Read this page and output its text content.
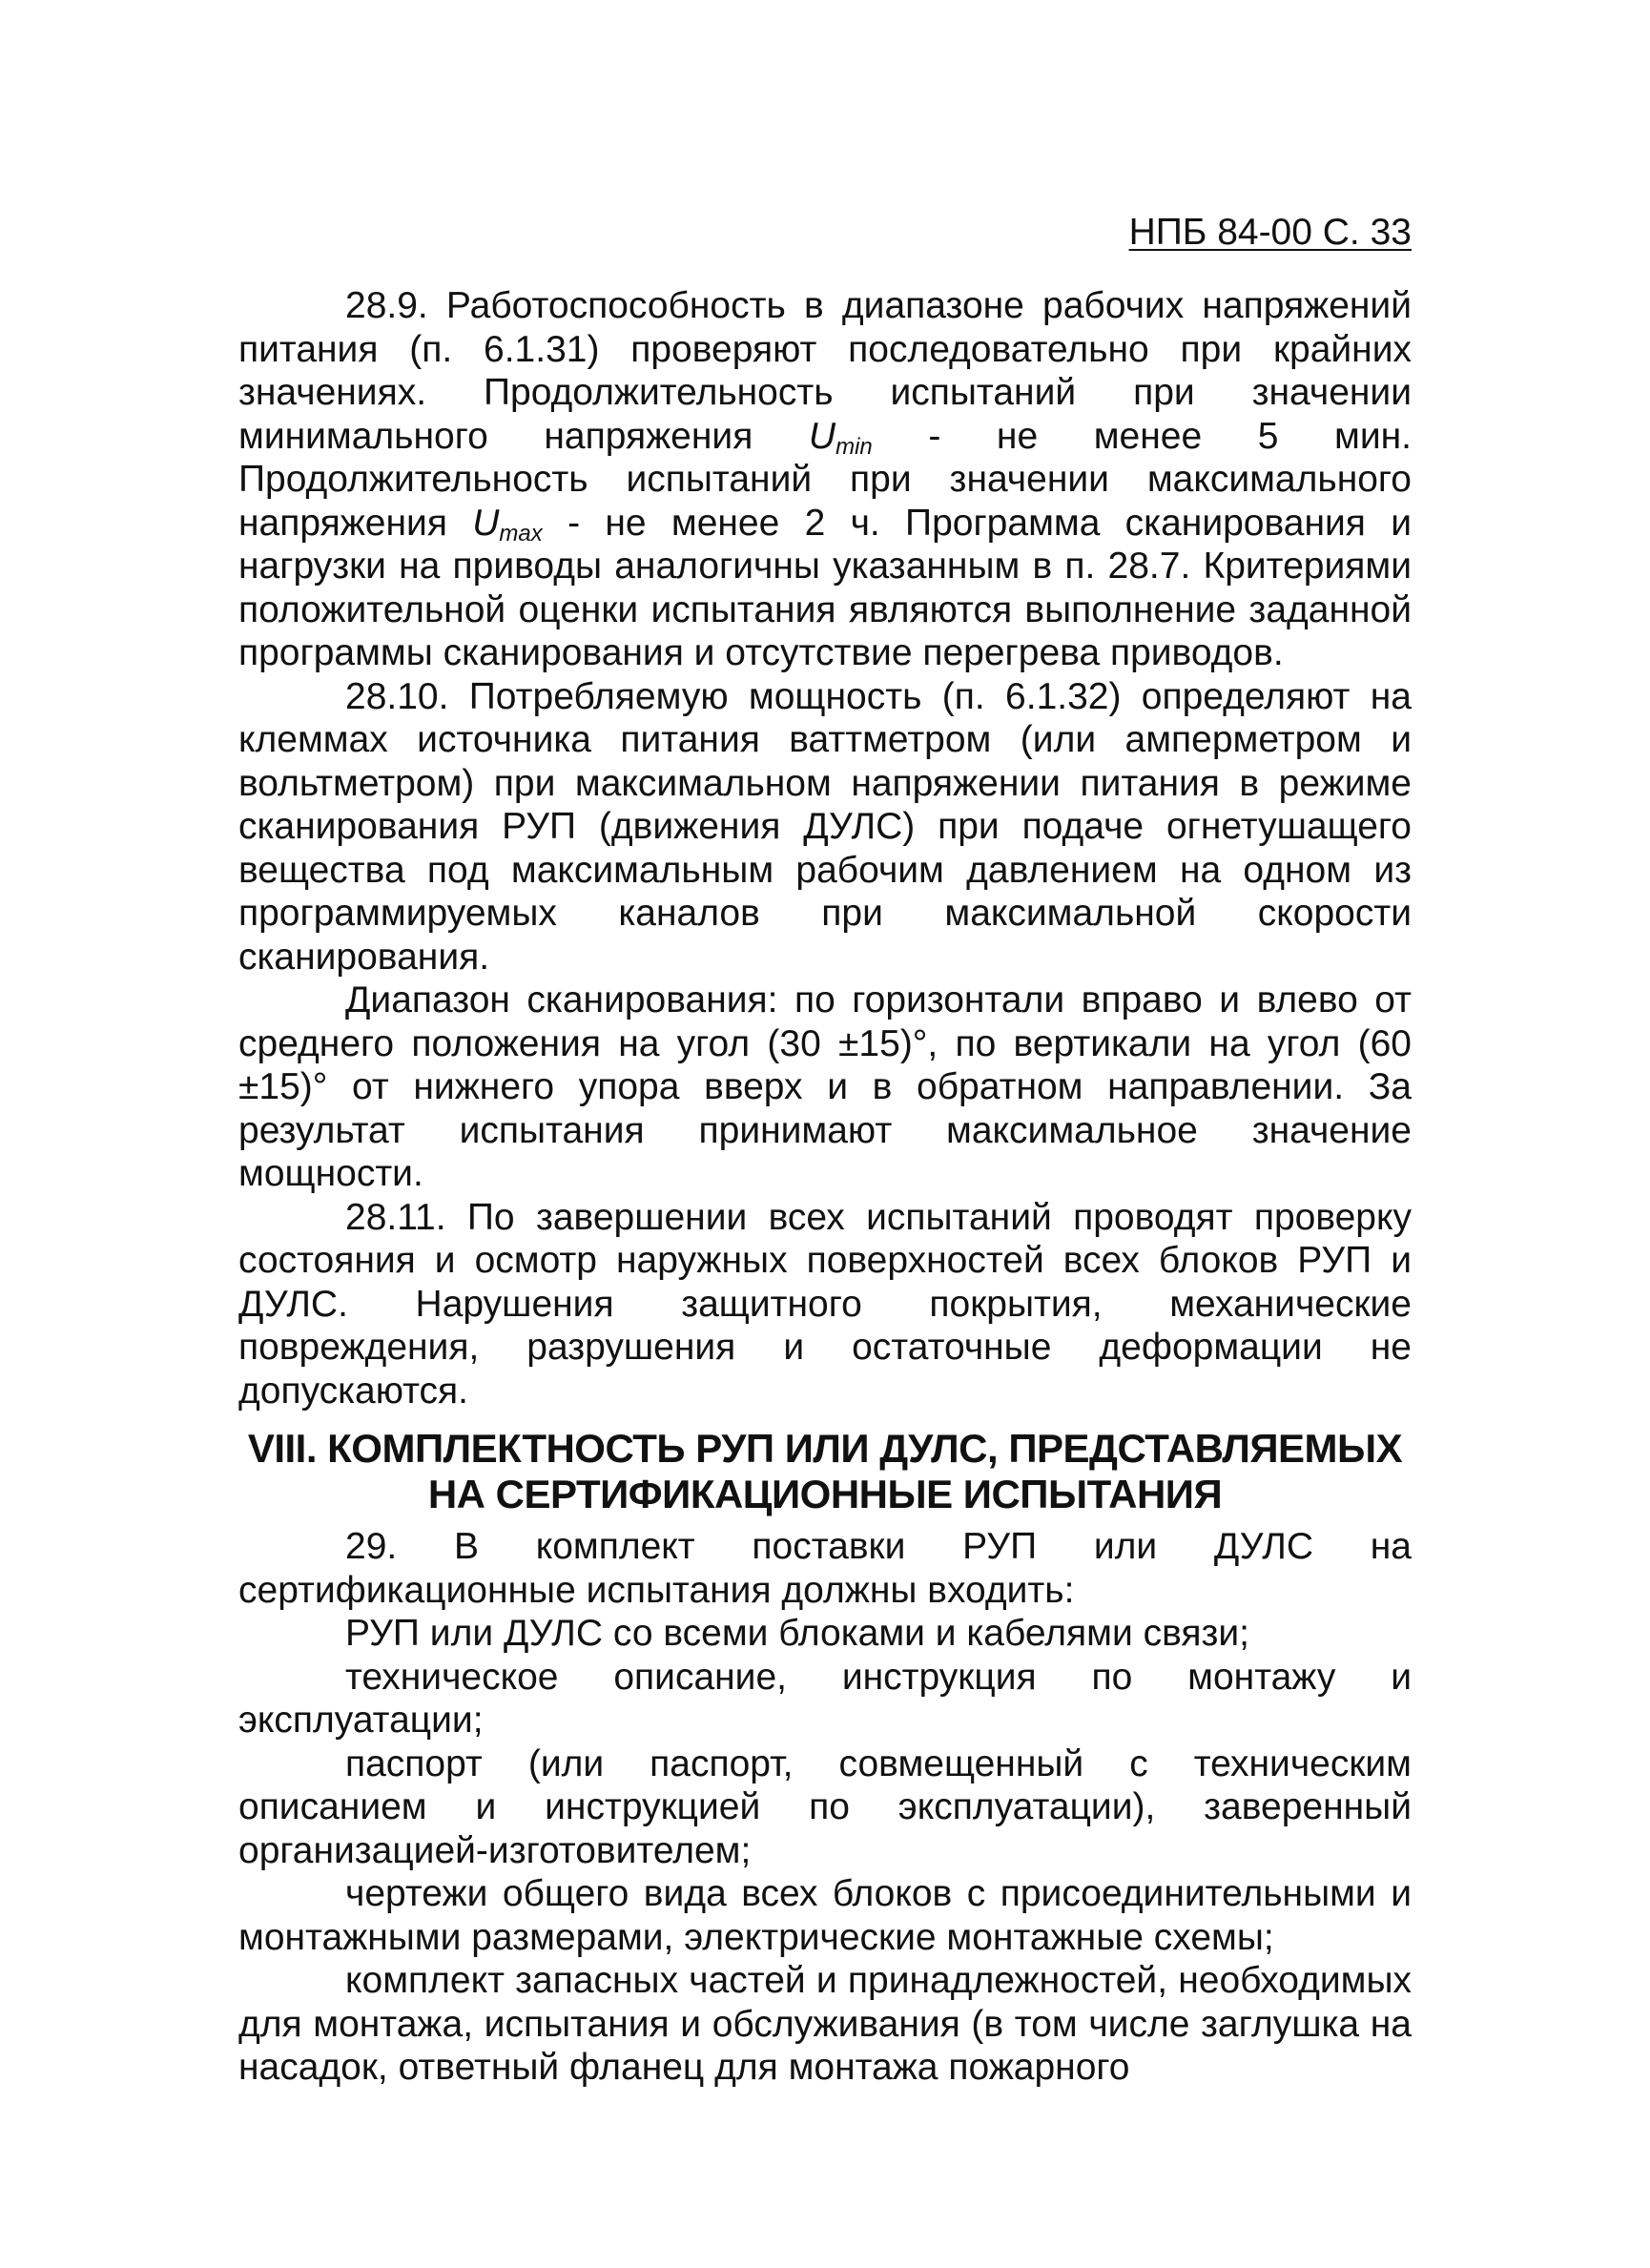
НПБ 84-00 С. 33

28.9. Работоспособность в диапазоне рабочих напряжений питания (п. 6.1.31) проверяют последовательно при крайних значениях. Продолжительность испытаний при значении минимального напряжения $U_{min}$ - не менее 5 мин. Продолжительность испытаний при значении максимального напряжения $U_{max}$ - не менее 2 ч. Программа сканирования и нагрузки на приводы аналогичны указанным в п. 28.7. Критериями положительной оценки испытания являются выполнение заданной программы сканирования и отсутствие перегрева приводов.

28.10. Потребляемую мощность (п. 6.1.32) определяют на клеммах источника питания ваттметром (или амперметром и вольтметром) при максимальном напряжении питания в режиме сканирования РУП (движения ДУЛС) при подаче огнетушащего вещества под максимальным рабочим давлением на одном из программируемых каналов при максимальной скорости сканирования.

Диапазон сканирования: по горизонтали вправо и влево от среднего положения на угол (30 ±15)°, по вертикали на угол (60 ±15)° от нижнего упора вверх и в обратном направлении. За результат испытания принимают максимальное значение мощности.

28.11. По завершении всех испытаний проводят проверку состояния и осмотр наружных поверхностей всех блоков РУП и ДУЛС. Нарушения защитного покрытия, механические повреждения, разрушения и остаточные деформации не допускаются.

VIII. КОМПЛЕКТНОСТЬ РУП ИЛИ ДУЛС, ПРЕДСТАВЛЯЕМЫХ
НА СЕРТИФИКАЦИОННЫЕ ИСПЫТАНИЯ

29. В комплект поставки РУП или ДУЛС на сертификационные испытания должны входить:

РУП или ДУЛС со всеми блоками и кабелями связи;

техническое описание, инструкция по монтажу и эксплуатации;

паспорт (или паспорт, совмещенный с техническим описанием и инструкцией по эксплуатации), заверенный организацией-изготовителем;

чертежи общего вида всех блоков с присоединительными и монтажными размерами, электрические монтажные схемы;

комплект запасных частей и принадлежностей, необходимых для монтажа, испытания и обслуживания (в том числе заглушка на насадок, ответный фланец для монтажа пожарного
